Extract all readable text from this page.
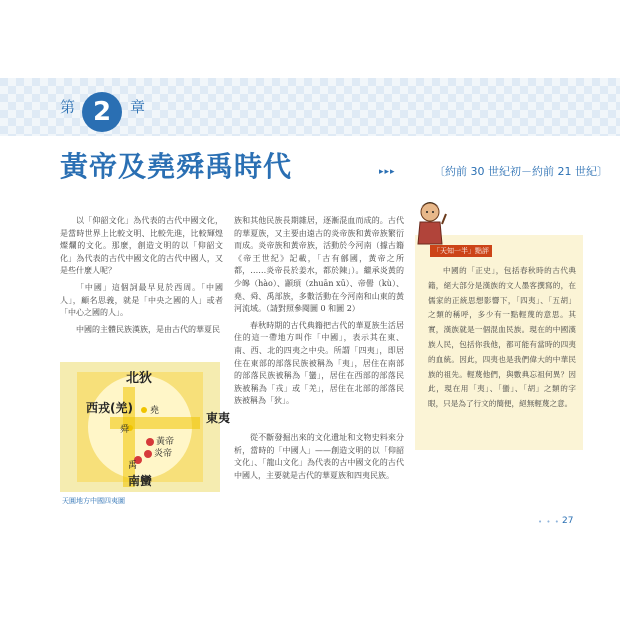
第 2	章
黃帝及堯舜禹時代	▸▸▸	〔約前 30 世紀初－約前 21 世紀〕

以「仰韶文化」為代表的古代中國文化，是當時世界上比較文明、比較先進，比較輝煌燦爛的文化。那麼，創造文明的以「仰韶文化」為代表的古代中國文化的古代中國人，又是些什麼人呢？

「中國」這個詞最早見於西周。「中國人」，顧名思義，就是「中央之國的人」或者「中心之國的人」。

中國的主體民族漢族，是由古代的華夏民

北狄
西戎(羌)
東夷
南蠻
堯
舜
黃帝
炎帝
禹
天圓地方中國四夷圖

族和其他民族長期雜居，逐漸混血而成的。古代的華夏族，又主要由遠古的炎帝族和黃帝族繁衍而成。炎帝族和黃帝族，活動於今河南（據古籍《帝王世紀》記載，「古有鄶國，黃帝之所都，……炎帝長於姜水，都於陳」）。繼承炎黃的少皞（hào）、顓頊（zhuān xū）、帝嚳（kù）、堯、舜、禹部族，多數活動在今河南和山東的黃河流域。（請對照參閱圖 0 和圖 2）

春秋時期的古代典籍把古代的華夏族生活居住的這一帶地方叫作「中國」，表示其在東、南、西、北的四夷之中央。所謂「四夷」，即居住在東部的部落民族被稱為「夷」，居住在南部的部落民族被稱為「蠻」，居住在西部的部落民族被稱為「戎」或「羌」，居住在北部的部落民族被稱為「狄」。

從不斷發掘出來的文化遺址和文物史料來分析，當時的「中國人」——創造文明的以「仰韶文化」、「龍山文化」為代表的古中國文化的古代中國人，主要就是古代的華夏族和四夷民族。

「天知一半」點評

中國的「正史」，包括春秋時的古代典籍，絕大部分是漢族的文人墨客撰寫的，在儒家的正統思想影響下，「四夷」、「五胡」之類的稱呼，多少有一點輕蔑的意思。其實，漢族就是一個混血民族。現在的中國漢族人民，包括你我他，都可能有當時的四夷的血統。因此，四夷也是我們偉大的中華民族的祖先。輕蔑他們，與數典忘祖何異？因此，現在用「夷」、「蠻」、「胡」之類的字眼，只是為了行文的簡便，絕無輕蔑之意。

• • • 27
